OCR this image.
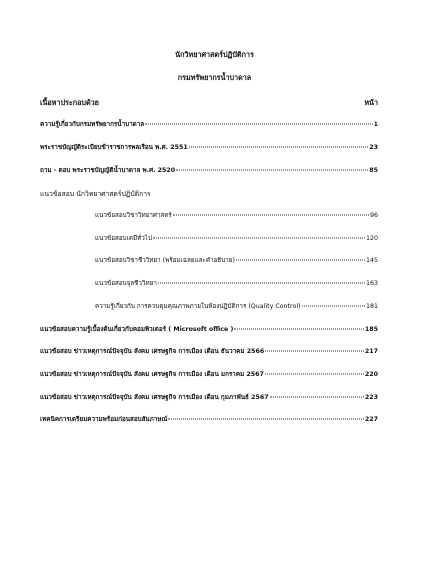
นักวิทยาศาสตร์ปฏิบัติการ
กรมทรัพยากรน้ำบาดาล
เนื้อหาประกอบด้วย	หน้า
ความรู้เกี่ยวกับกรมทรัพยากรน้ำบาดาล	1
พระราชบัญญัติระเบียบข้าราชการพลเรือน พ.ศ. 2551	23
ถาม - ตอบ พระราชบัญญัติน้ำบาดาล พ.ศ. 2520	85
แนวข้อสอบ นักวิทยาศาสตร์ปฏิบัติการ
แนวข้อสอบวิชาวิทยาศาสตร์	96
แนวข้อสอบเคมีทั่วไป	120
แนวข้อสอบวิชาชีววิทยา (พร้อมเฉลยและคำอธิบาย)	145
แนวข้อสอบจุลชีววิทยา	163
ความรู้เกี่ยวกับ การควบคุมคุณภาพภายในห้องปฏิบัติการ (Quality Control)	181
แนวข้อสอบความรู้เบื้องต้นเกี่ยวกับคอมพิวเตอร์ ( Microsoft office )	185
แนวข้อสอบ ข่าวเหตุการณ์ปัจจุบัน สังคม เศรษฐกิจ การเมือง เดือน ธันวาคม 2566	217
แนวข้อสอบ ข่าวเหตุการณ์ปัจจุบัน สังคม เศรษฐกิจ การเมือง เดือน มกราคม 2567	220
แนวข้อสอบ ข่าวเหตุการณ์ปัจจุบัน สังคม เศรษฐกิจ การเมือง เดือน กุมภาพันธ์ 2567	223
เทคนิคการเตรียมความพร้อมก่อนสอบสัมภาษณ์	227
